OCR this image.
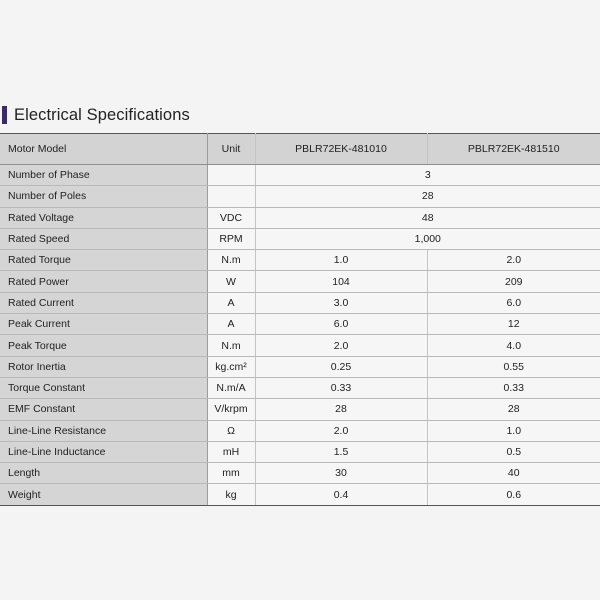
Electrical Specifications
Motor Model	Unit	PBLR72EK-481010	PBLR72EK-481510
Number of Phase		3	
Number of Poles		28	
Rated Voltage	VDC	48	
Rated Speed	RPM	1,000	
Rated Torque	N.m	1.0	2.0
Rated Power	W	104	209
Rated Current	A	3.0	6.0
Peak Current	A	6.0	12
Peak Torque	N.m	2.0	4.0
Rotor Inertia	kg.cm²	0.25	0.55
Torque Constant	N.m/A	0.33	0.33
EMF Constant	V/krpm	28	28
Line-Line Resistance	Ω	2.0	1.0
Line-Line Inductance	mH	1.5	0.5
Length	mm	30	40
Weight	kg	0.4	0.6
